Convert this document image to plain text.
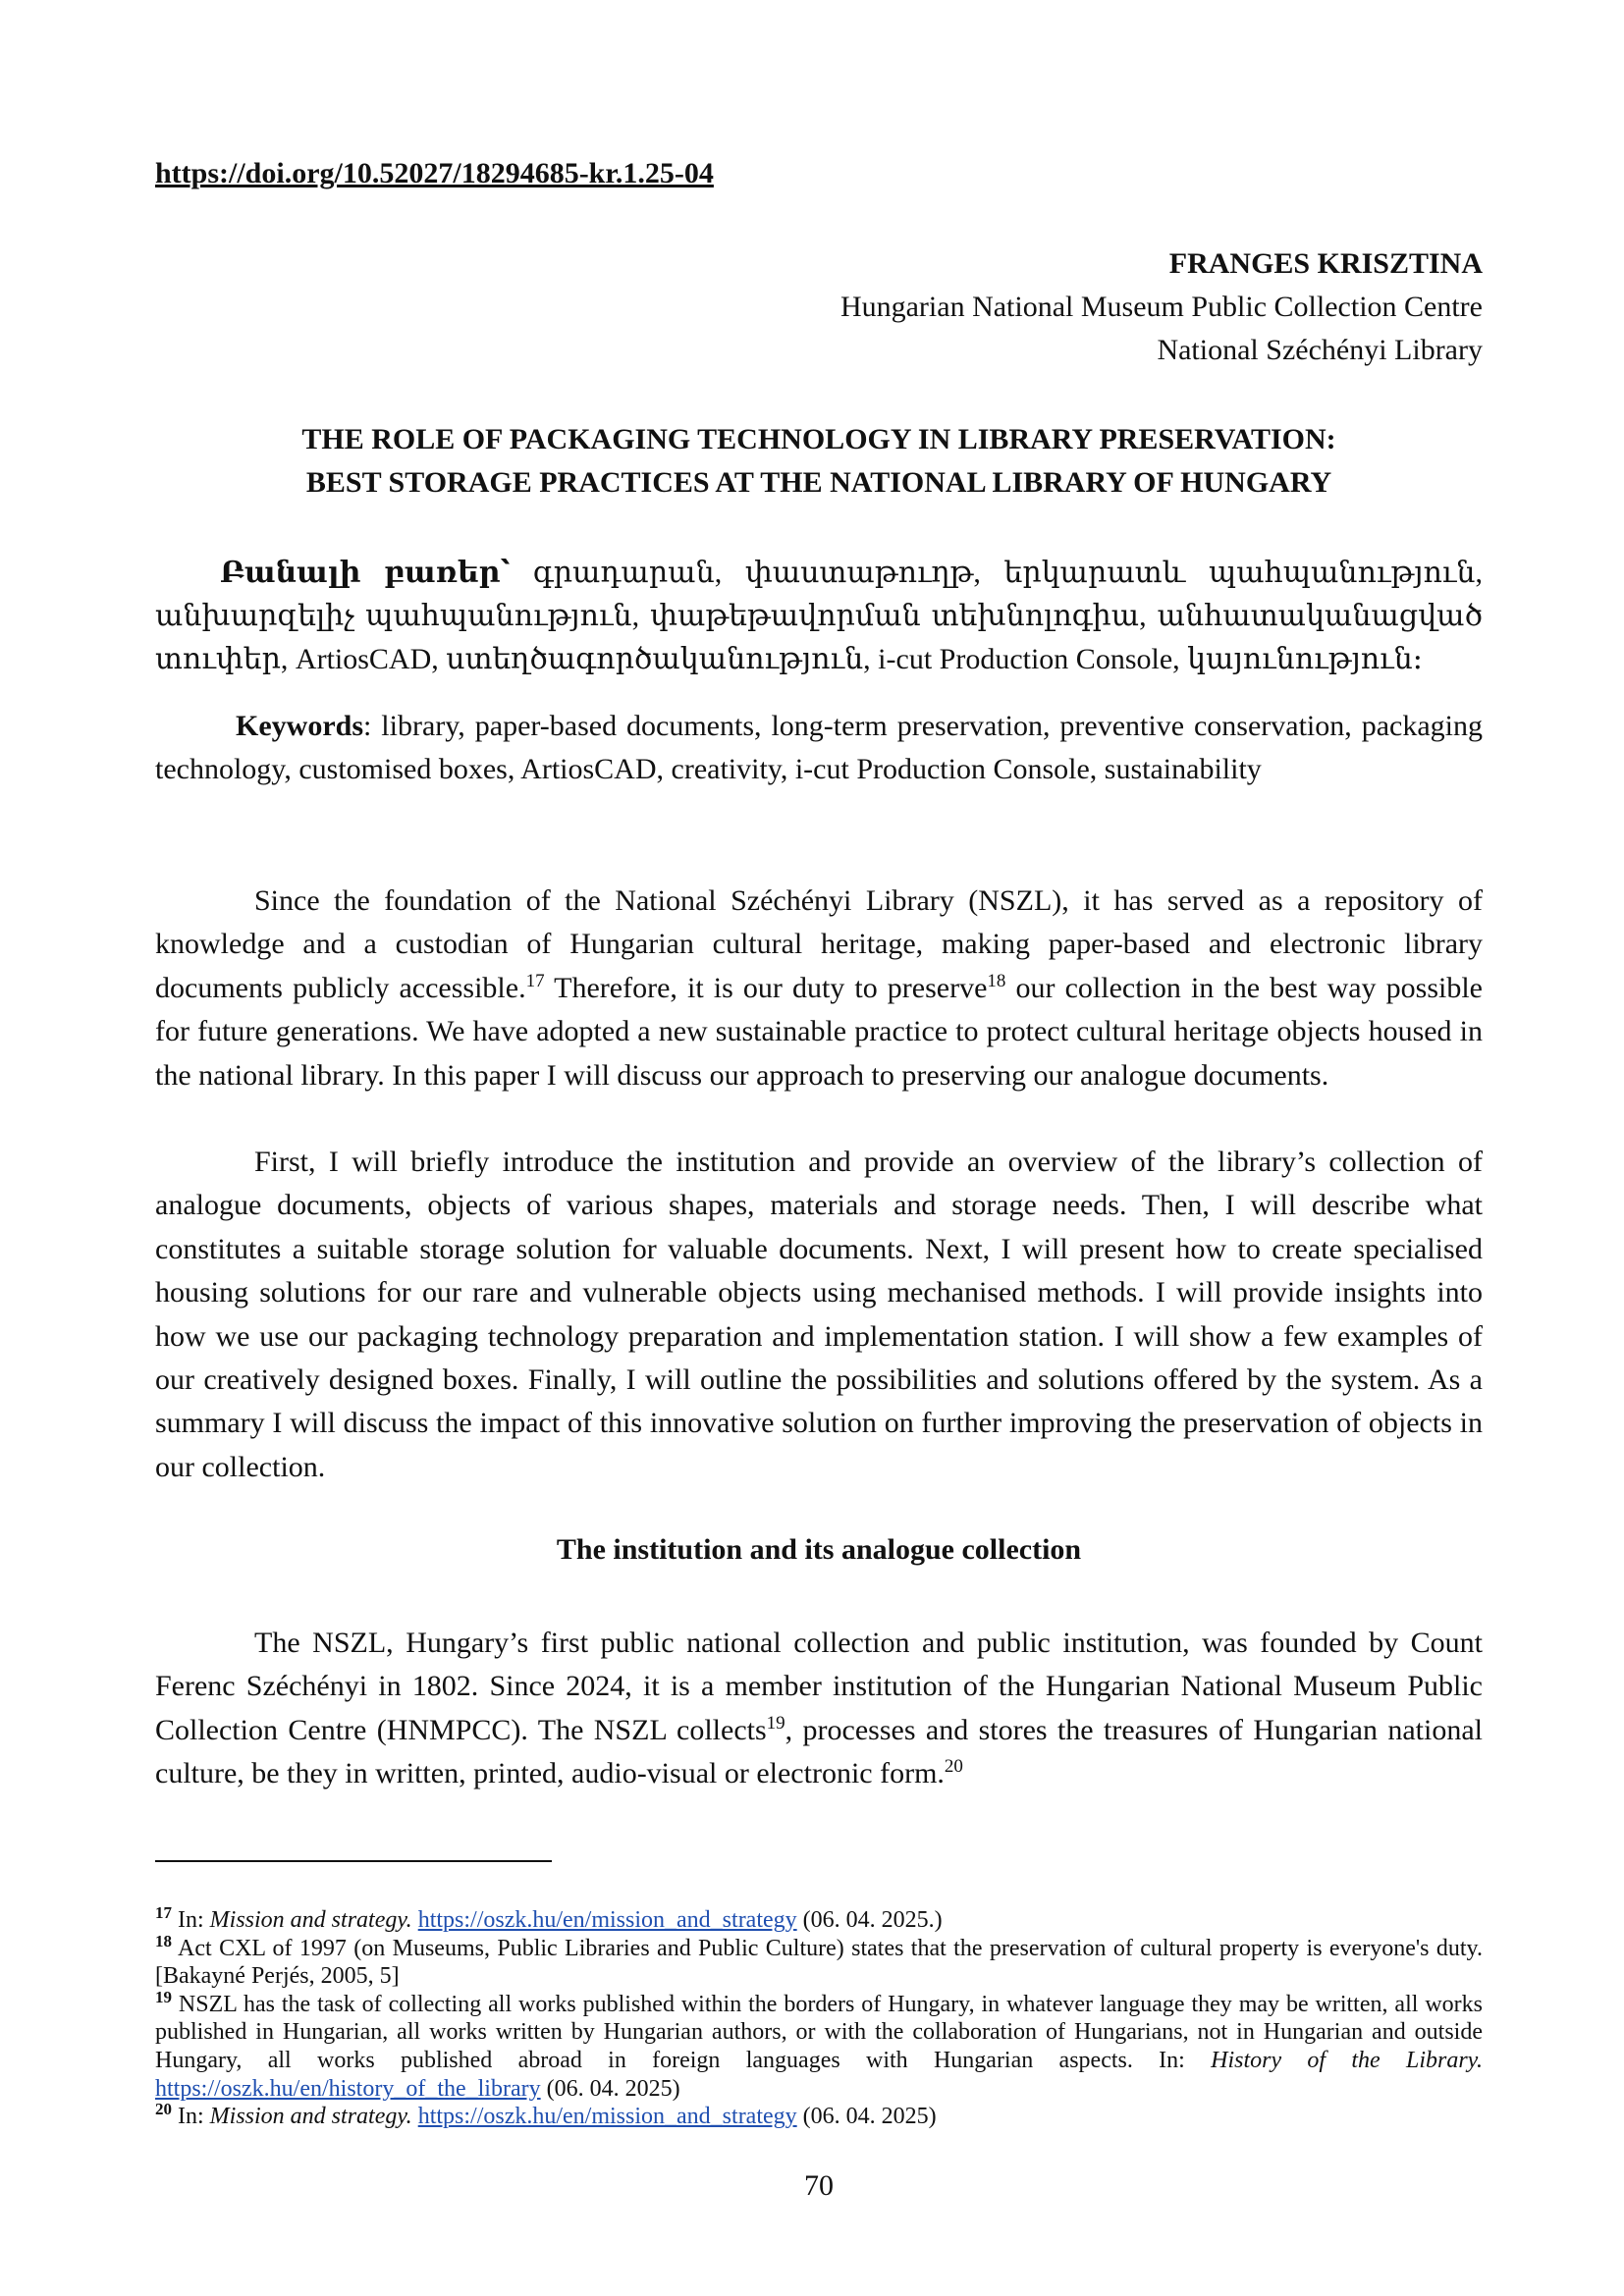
https://doi.org/10.52027/18294685-kr.1.25-04
FRANGES KRISZTINA
Hungarian National Museum Public Collection Centre
National Széchényi Library
THE ROLE OF PACKAGING TECHNOLOGY IN LIBRARY PRESERVATION:
BEST STORAGE PRACTICES AT THE NATIONAL LIBRARY OF HUNGARY
Բանալի բառեր՝ գրադարան, փաստաթուղթ, երկարատև պահպանություն, անխարզելիչ պահպանություն, փաթեթավորման տեխնոլոգիա, անհատականացված տուփեր, ArtiosCAD, ստեղծագործականություն, i-cut Production Console, կայունություն։
Keywords: library, paper-based documents, long-term preservation, preventive conservation, packaging technology, customised boxes, ArtiosCAD, creativity, i-cut Production Console, sustainability

Since the foundation of the National Széchényi Library (NSZL), it has served as a repository of knowledge and a custodian of Hungarian cultural heritage, making paper-based and electronic library documents publicly accessible.$^{17}$ Therefore, it is our duty to preserve$^{18}$ our collection in the best way possible for future generations. We have adopted a new sustainable practice to protect cultural heritage objects housed in the national library. In this paper I will discuss our approach to preserving our analogue documents.

First, I will briefly introduce the institution and provide an overview of the library’s collection of analogue documents, objects of various shapes, materials and storage needs. Then, I will describe what constitutes a suitable storage solution for valuable documents. Next, I will present how to create specialised housing solutions for our rare and vulnerable objects using mechanised methods. I will provide insights into how we use our packaging technology preparation and implementation station. I will show a few examples of our creatively designed boxes. Finally, I will outline the possibilities and solutions offered by the system. As a summary I will discuss the impact of this innovative solution on further improving the preservation of objects in our collection.

The institution and its analogue collection

The NSZL, Hungary’s first public national collection and public institution, was founded by Count Ferenc Széchényi in 1802. Since 2024, it is a member institution of the Hungarian National Museum Public Collection Centre (HNMPCC). The NSZL collects$^{19}$, processes and stores the treasures of Hungarian national culture, be they in written, printed, audio-visual or electronic form.$^{20}$

$^{17}$ In: Mission and strategy. https://oszk.hu/en/mission_and_strategy (06. 04. 2025.)

$^{18}$ Act CXL of 1997 (on Museums, Public Libraries and Public Culture) states that the preservation of cultural property is everyone's duty. [Bakayné Perjés, 2005, 5]

$^{19}$ NSZL has the task of collecting all works published within the borders of Hungary, in whatever language they may be written, all works published in Hungarian, all works written by Hungarian authors, or with the collaboration of Hungarians, not in Hungarian and outside Hungary, all works published abroad in foreign languages with Hungarian aspects. In: History of the Library. https://oszk.hu/en/history_of_the_library (06. 04. 2025)

$^{20}$ In: Mission and strategy. https://oszk.hu/en/mission_and_strategy (06. 04. 2025)

70
